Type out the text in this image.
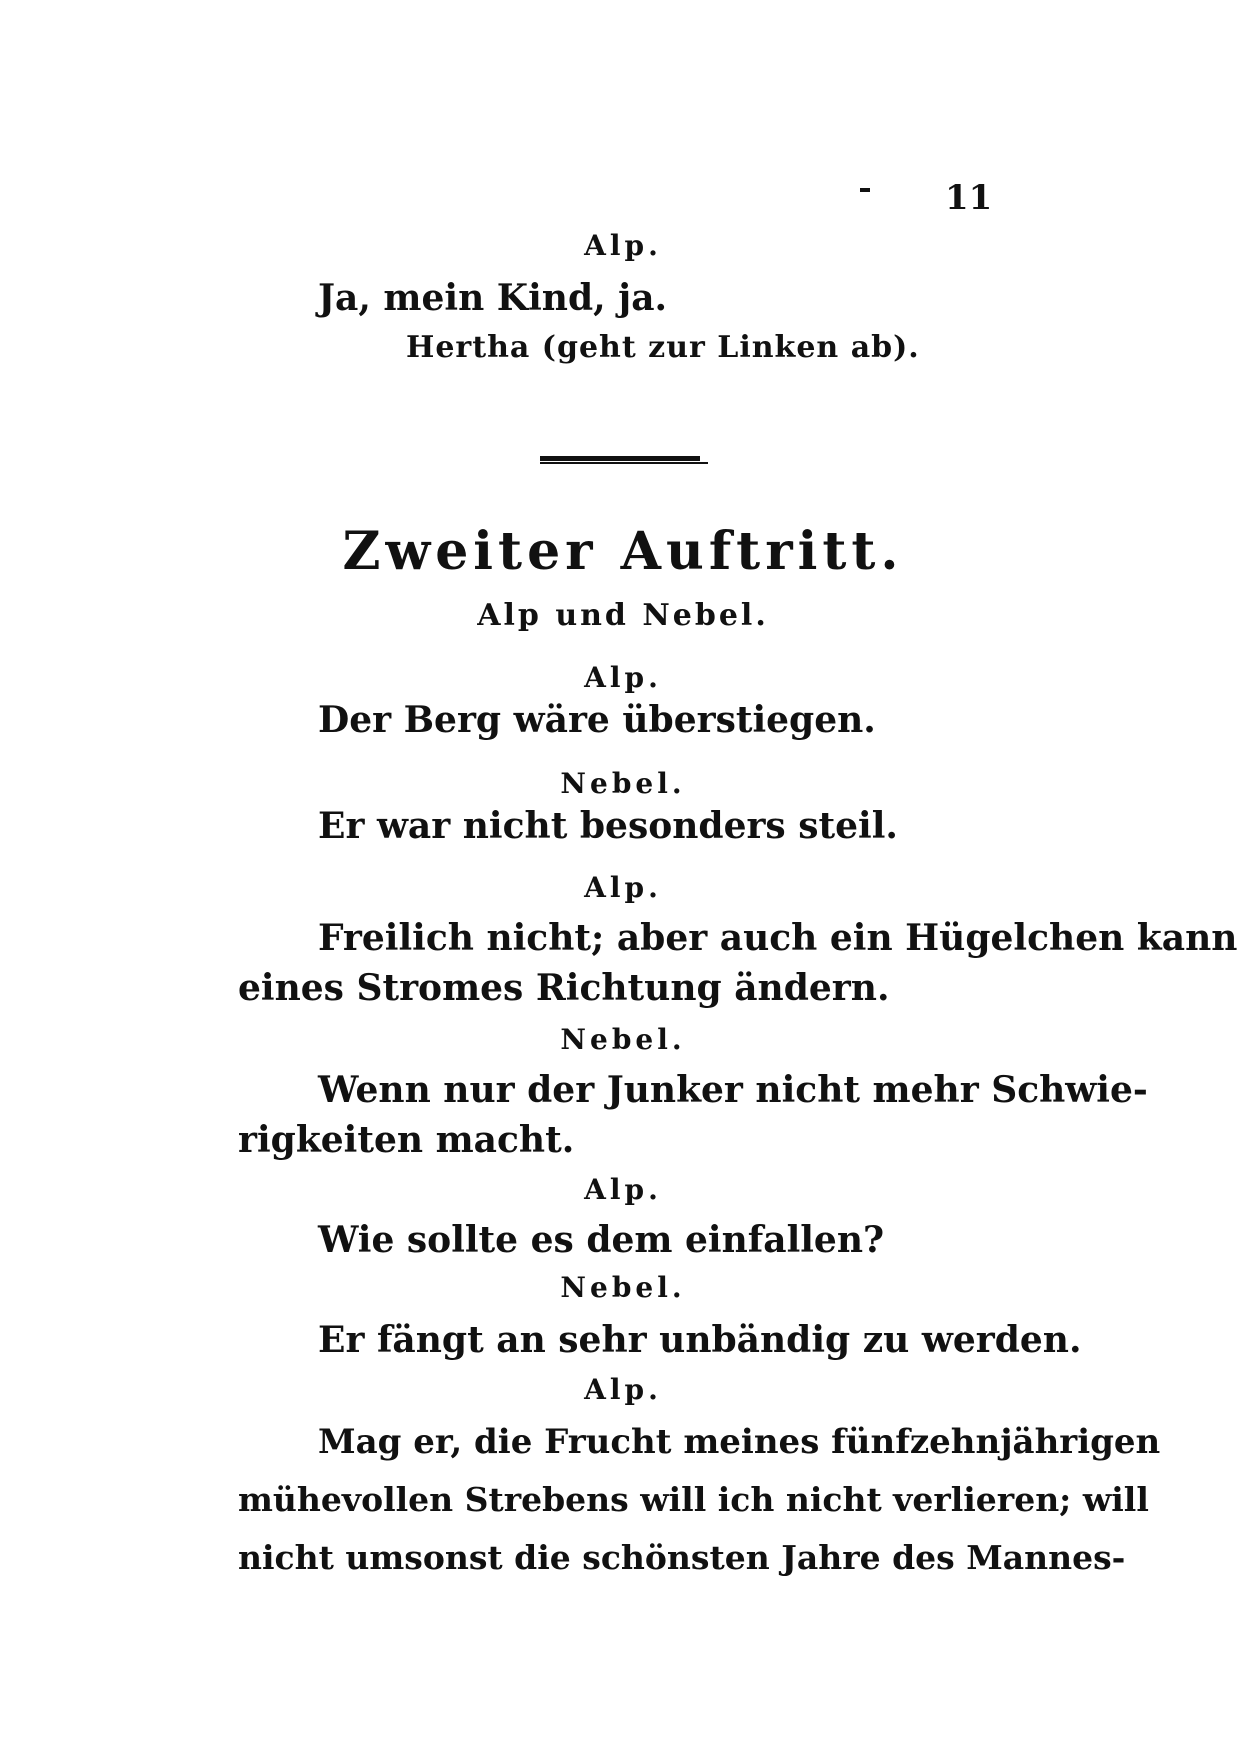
11
Alp.
Ja, mein Kind, ja.
Hertha (geht zur Linken ab).
Zweiter Auftritt.
Alp und Nebel.
Alp.
Der Berg wäre überstiegen.
Nebel.
Er war nicht besonders steil.
Alp.
Freilich nicht; aber auch ein Hügelchen kann
eines Stromes Richtung ändern.
Nebel.
Wenn nur der Junker nicht mehr Schwie-
rigkeiten macht.
Alp.
Wie sollte es dem einfallen?
Nebel.
Er fängt an sehr unbändig zu werden.
Alp.
Mag er, die Frucht meines fünfzehnjährigen
mühevollen Strebens will ich nicht verlieren; will
nicht umsonst die schönsten Jahre des Mannes-
